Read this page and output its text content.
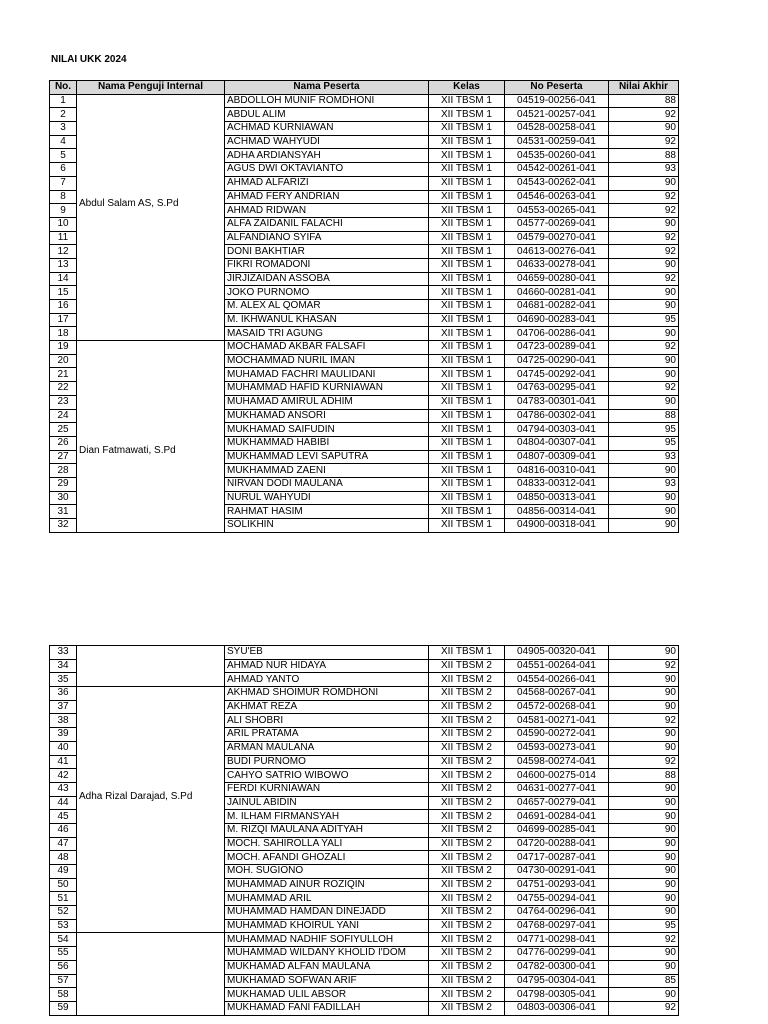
NILAI UKK 2024
No.	Nama Penguji Internal	Nama Peserta	Kelas	No Peserta	Nilai Akhir
1	Abdul Salam AS, S.Pd	ABDOLLOH MUNIF ROMDHONI	XII TBSM 1	04519-00256-041	88
2		ABDUL ALIM	XII TBSM 1	04521-00257-041	92
3		ACHMAD KURNIAWAN	XII TBSM 1	04528-00258-041	90
4		ACHMAD WAHYUDI	XII TBSM 1	04531-00259-041	92
5		ADHA ARDIANSYAH	XII TBSM 1	04535-00260-041	88
6		AGUS DWI OKTAVIANTO	XII TBSM 1	04542-00261-041	93
7		AHMAD ALFARIZI	XII TBSM 1	04543-00262-041	90
8		AHMAD FERY ANDRIAN	XII TBSM 1	04546-00263-041	92
9		AHMAD RIDWAN	XII TBSM 1	04553-00265-041	92
10		ALFA ZAIDANIL FALACHI	XII TBSM 1	04577-00269-041	90
11		ALFANDIANO SYIFA	XII TBSM 1	04579-00270-041	92
12		DONI BAKHTIAR	XII TBSM 1	04613-00276-041	92
13		FIKRI ROMADONI	XII TBSM 1	04633-00278-041	90
14		JIRJIZAIDAN ASSOBA	XII TBSM 1	04659-00280-041	92
15		JOKO PURNOMO	XII TBSM 1	04660-00281-041	90
16		M. ALEX AL QOMAR	XII TBSM 1	04681-00282-041	90
17		M. IKHWANUL KHASAN	XII TBSM 1	04690-00283-041	95
18		MASAID TRI AGUNG	XII TBSM 1	04706-00286-041	90
19	Dian Fatmawati, S.Pd	MOCHAMAD AKBAR FALSAFI	XII TBSM 1	04723-00289-041	92
20		MOCHAMMAD NURIL IMAN	XII TBSM 1	04725-00290-041	90
21		MUHAMAD FACHRI MAULIDANI	XII TBSM 1	04745-00292-041	90
22		MUHAMMAD HAFID KURNIAWAN	XII TBSM 1	04763-00295-041	92
23		MUHAMAD AMIRUL ADHIM	XII TBSM 1	04783-00301-041	90
24		MUKHAMAD ANSORI	XII TBSM 1	04786-00302-041	88
25		MUKHAMAD SAIFUDIN	XII TBSM 1	04794-00303-041	95
26		MUKHAMMAD HABIBI	XII TBSM 1	04804-00307-041	95
27		MUKHAMMAD LEVI SAPUTRA	XII TBSM 1	04807-00309-041	93
28		MUKHAMMAD ZAENI	XII TBSM 1	04816-00310-041	90
29		NIRVAN DODI MAULANA	XII TBSM 1	04833-00312-041	93
30		NURUL WAHYUDI	XII TBSM 1	04850-00313-041	90
31		RAHMAT HASIM	XII TBSM 1	04856-00314-041	90
32		SOLIKHIN	XII TBSM 1	04900-00318-041	90
33		SYU'EB	XII TBSM 1	04905-00320-041	90
34		AHMAD NUR HIDAYA	XII TBSM 2	04551-00264-041	92
35		AHMAD YANTO	XII TBSM 2	04554-00266-041	90
36	Adha Rizal Darajad, S.Pd	AKHMAD SHOIMUR ROMDHONI	XII TBSM 2	04568-00267-041	90
37		AKHMAT REZA	XII TBSM 2	04572-00268-041	90
38		ALI SHOBRI	XII TBSM 2	04581-00271-041	92
39		ARIL PRATAMA	XII TBSM 2	04590-00272-041	90
40		ARMAN MAULANA	XII TBSM 2	04593-00273-041	90
41		BUDI PURNOMO	XII TBSM 2	04598-00274-041	92
42		CAHYO SATRIO WIBOWO	XII TBSM 2	04600-00275-014	88
43		FERDI KURNIAWAN	XII TBSM 2	04631-00277-041	90
44		JAINUL ABIDIN	XII TBSM 2	04657-00279-041	90
45		M. ILHAM FIRMANSYAH	XII TBSM 2	04691-00284-041	90
46		M. RIZQI MAULANA ADITYAH	XII TBSM 2	04699-00285-041	90
47		MOCH. SAHIROLLA YALI	XII TBSM 2	04720-00288-041	90
48		MOCH. AFANDI GHOZALI	XII TBSM 2	04717-00287-041	90
49		MOH. SUGIONO	XII TBSM 2	04730-00291-041	90
50		MUHAMMAD AINUR ROZIQIN	XII TBSM 2	04751-00293-041	90
51		MUHAMMAD ARIL	XII TBSM 2	04755-00294-041	90
52		MUHAMMAD HAMDAN DINEJADD	XII TBSM 2	04764-00296-041	90
53		MUHAMMAD KHOIRUL YANI	XII TBSM 2	04768-00297-041	95
54		MUHAMMAD NADHIF SOFIYULLOH	XII TBSM 2	04771-00298-041	92
55		MUHAMMAD WILDANY KHOLID I'DOM	XII TBSM 2	04776-00299-041	90
56		MUKHAMAD ALFAN MAULANA	XII TBSM 2	04782-00300-041	90
57		MUKHAMAD SOFWAN ARIF	XII TBSM 2	04795-00304-041	85
58		MUKHAMAD ULIL ABSOR	XII TBSM 2	04798-00305-041	90
59		MUKHAMAD FANI FADILLAH	XII TBSM 2	04803-00306-041	92
